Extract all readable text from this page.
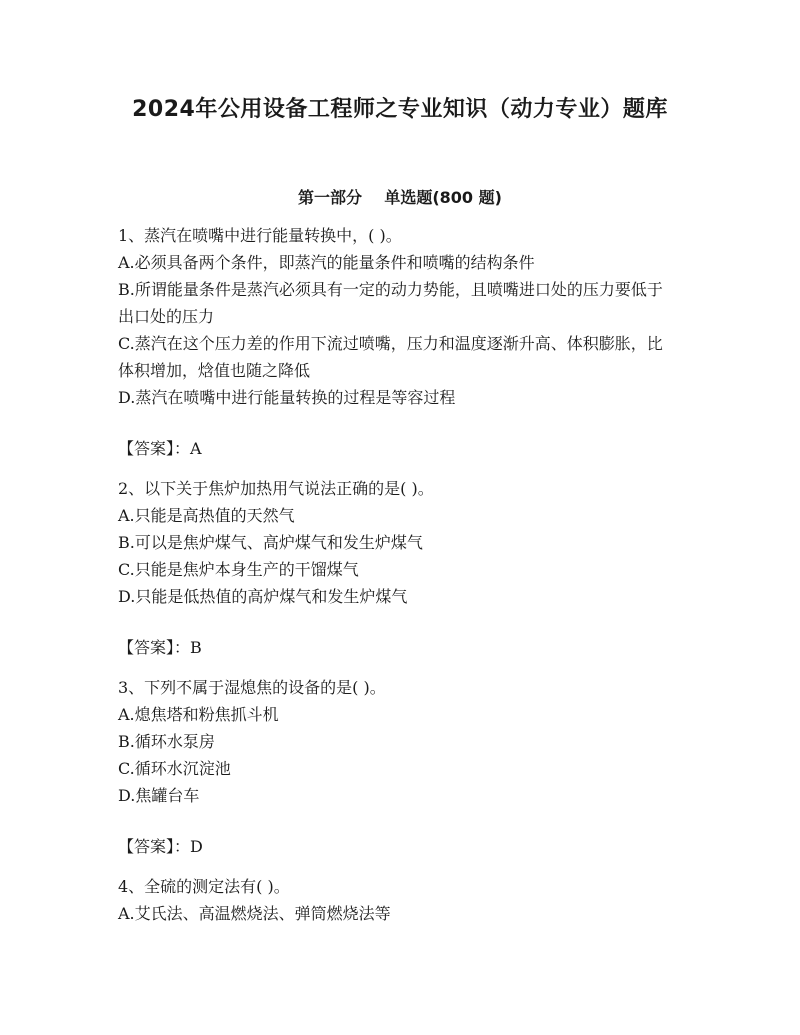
2024年公用设备工程师之专业知识（动力专业）题库
第一部分    单选题(800 题)
1、蒸汽在喷嘴中进行能量转换中，( )。
A.必须具备两个条件，即蒸汽的能量条件和喷嘴的结构条件
B.所谓能量条件是蒸汽必须具有一定的动力势能，且喷嘴进口处的压力要低于出口处的压力
C.蒸汽在这个压力差的作用下流过喷嘴，压力和温度逐渐升高、体积膨胀，比体积增加，焓值也随之降低
D.蒸汽在喷嘴中进行能量转换的过程是等容过程
【答案】：A
2、以下关于焦炉加热用气说法正确的是( )。
A.只能是高热值的天然气
B.可以是焦炉煤气、高炉煤气和发生炉煤气
C.只能是焦炉本身生产的干馏煤气
D.只能是低热值的高炉煤气和发生炉煤气
【答案】：B
3、下列不属于湿熄焦的设备的是( )。
A.熄焦塔和粉焦抓斗机
B.循环水泵房
C.循环水沉淀池
D.焦罐台车
【答案】：D
4、全硫的测定法有( )。
A.艾氏法、高温燃烧法、弹筒燃烧法等
